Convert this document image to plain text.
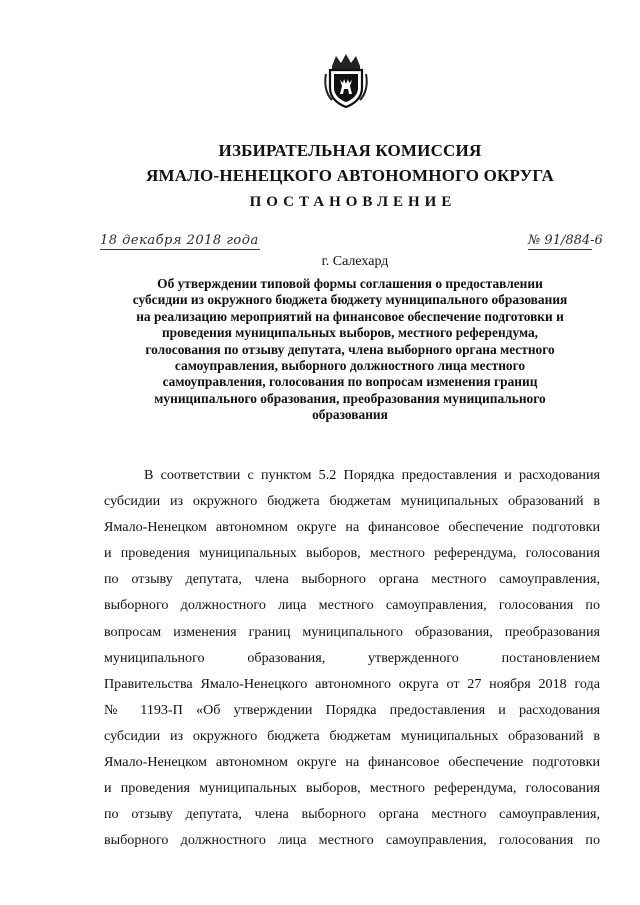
ИЗБИРАТЕЛЬНАЯ КОМИССИЯ
ЯМАЛО-НЕНЕЦКОГО АВТОНОМНОГО ОКРУГА
ПОСТАНОВЛЕНИЕ
18 декабря 2018 года	№ 91/884-6
г. Салехард
Об утверждении типовой формы соглашения о предоставлении
субсидии из окружного бюджета бюджету муниципального образования
на реализацию мероприятий на финансовое обеспечение подготовки и
проведения муниципальных выборов, местного референдума,
голосования по отзыву депутата, члена выборного органа местного
самоуправления, выборного должностного лица местного
самоуправления, голосования по вопросам изменения границ
муниципального образования, преобразования муниципального
образования
В соответствии с пунктом 5.2 Порядка предоставления и расходования
субсидии из окружного бюджета бюджетам муниципальных образований в
Ямало-Ненецком автономном округе на финансовое обеспечение подготовки
и проведения муниципальных выборов, местного референдума, голосования
по отзыву депутата, члена выборного органа местного самоуправления,
выборного должностного лица местного самоуправления, голосования по
вопросам изменения границ муниципального образования, преобразования
муниципального образования, утвержденного постановлением
Правительства Ямало-Ненецкого автономного округа от 27 ноября 2018 года
№ 1193-П «Об утверждении Порядка предоставления и расходования
субсидии из окружного бюджета бюджетам муниципальных образований в
Ямало-Ненецком автономном округе на финансовое обеспечение подготовки
и проведения муниципальных выборов, местного референдума, голосования
по отзыву депутата, члена выборного органа местного самоуправления,
выборного должностного лица местного самоуправления, голосования по
